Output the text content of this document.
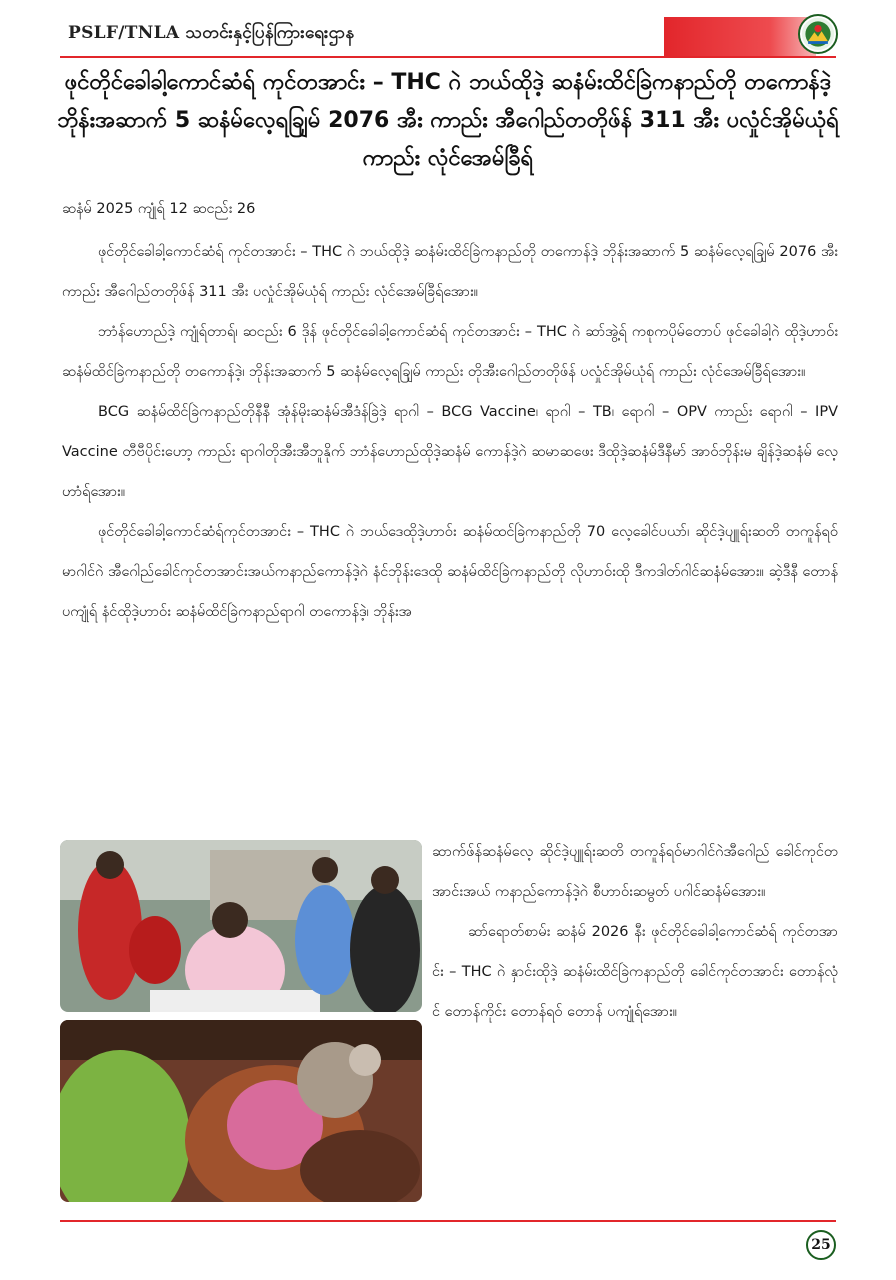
PSLF/TNLA သတင်းနှင့်ပြန်ကြားရေးဌာန
ဖုင်တိုင်ခေါခါ့ကောင်ဆံရ် ကုင်တအာင်း – THC ဂဲ ဘယ်ထိုဒဲ့ ဆနံမ်းထိင်ခြဲကနာည်တို တကောန်ဒဲ့ ဘိုန်းအဆာက် 5 ဆနံမ်လေ့ရချြမ် 2076 အီး ကာည်း အီဂေါည်တတိုဖ်န် 311 အီး ပလှုံင်အိုမ်ယုံရ် ကာည်း လုံင်အေမ်ခြီရ်
ဆနံမ် 2025 ကျုံရ် 12 ဆငည်း 26

ဖုင်တိုင်ခေါခါ့ကောင်ဆံရ် ကုင်တအာင်း – THC ဂဲ ဘယ်ထိုဒဲ့ ဆနံမ်းထိင်ခြဲကနာည်တို တကောန်ဒဲ့ ဘိုန်းအဆာက် 5 ဆနံမ်လေ့ရချြမ် 2076 အီး ကာည်း အီဂေါည်တတိုဖ်န် 311 အီး ပလှုံင်အိုမ်ယုံရ် ကာည်း လုံင်အေမ်ခြီရ်အေား။

ဘာံန်ဟောည်ဒဲ့ ကျုံရ်တာရ်၊ ဆငည်း 6 ဒိုန် ဖုင်တိုင်ခေါခါ့ကောင်ဆံရ် ကုင်တအာင်း – THC ဂဲ ဆာ်အွဲ့ရ် ကစုကပိုမ်တောပ် ဖုင်ခေါခါ့ဂဲ ထိုဒဲ့ဟာဝ်း ဆနံမ်ထိင်ခြဲကနာည်တို တကောန်ဒဲ့၊ ဘိုန်းအဆာက် 5 ဆနံမ်လေ့ရချြမ် ကာည်း တိုအီးဂေါည်တတိုဖ်န် ပလှုံင်အိုမ်ယုံရ် ကာည်း လုံင်အေမ်ခြီရ်အေား။

BCG ဆနံမ်ထိင်ခြဲကနာည်တိုနီနီ အုံန်မိုးဆနံမ်အီဒံန်ခြဲဒဲ့ ရာဂါ – BCG Vaccine၊ ရာဂါ – TB၊ ရောဂါ – OPV ကာည်း ရောဂါ – IPV Vaccine တီဗီပိုင်းဟော့ ကာည်း ရာဂါတိုအီးအီဘူနိုက် ဘာံန်ဟောည်ထိုဒဲ့ဆနံမ် ကောန်ဒဲ့ဂဲ ဆမာဆဖေး ဒီထိုဒဲ့ဆနံမ်ဒီနီမာ် အာဝ်ဘိုန်းမ ချိန်ဒဲ့ဆနံမ် လေ့ဟာံရ်အေား။

ဖုင်တိုင်ခေါခါ့ကောင်ဆံရ်ကုင်တအာင်း – THC ဂဲ ဘယ်ဒေထိုဒဲ့ဟာဝ်း ဆနံမ်ထင်ခြဲကနာည်တို 70 လေ့ခေါင်ပယာ်၊ ဆိုင်ဒဲ့ပျူရ်းဆတိ တကူန်ရဝ်မာဂါင်ဂဲ အီဂေါည်ခေါင်ကုင်တအာင်းအယ်ကနာည်ကောန်ဒဲ့ဂဲ နံင်ဘိုန်းဒေထို ဆနံမ်ထိင်ခြဲကနာည်တို လိုဟာဝ်းထို ဒီကဒါတ်ဂါင်ဆနံမ်အေား။ ဆဲ့ဒီနီ တောန်ပကျုံရ် နံင်ထိုဒဲ့ဟာဝ်း ဆနံမ်ထိင်ခြဲကနာည်ရာဂါ တကောန်ဒဲ့၊ ဘိုန်းအ

ဆာက်ဖ်န်ဆနံမ်လေ့ ဆိုင်ဒဲ့ပျူရ်းဆတိ တကူန်ရဝ်မာဂါင်ဂဲအီဂေါည် ခေါင်ကုင်တအာင်းအယ် ကနာည်ကောန်ဒဲ့ဂဲ စီဟာဝ်းဆမွတ် ပဂါင်ဆနံမ်အေား။

ဆာ်ရောတ်စာမ်း ဆနံမ် 2026 နီး ဖုင်တိုင်ခေါခါ့ကောင်ဆံရ် ကုင်တအာင်း – THC ဂဲ နှာင်းထိုဒဲ့ ဆနံမ်းထိင်ခြဲကနာည်တို ခေါင်ကုင်တအာင်း တောန်လုံင် တောန်ကိုင်း တောန်ရဝ် တောန် ပကျုံရ်အေား။

25
